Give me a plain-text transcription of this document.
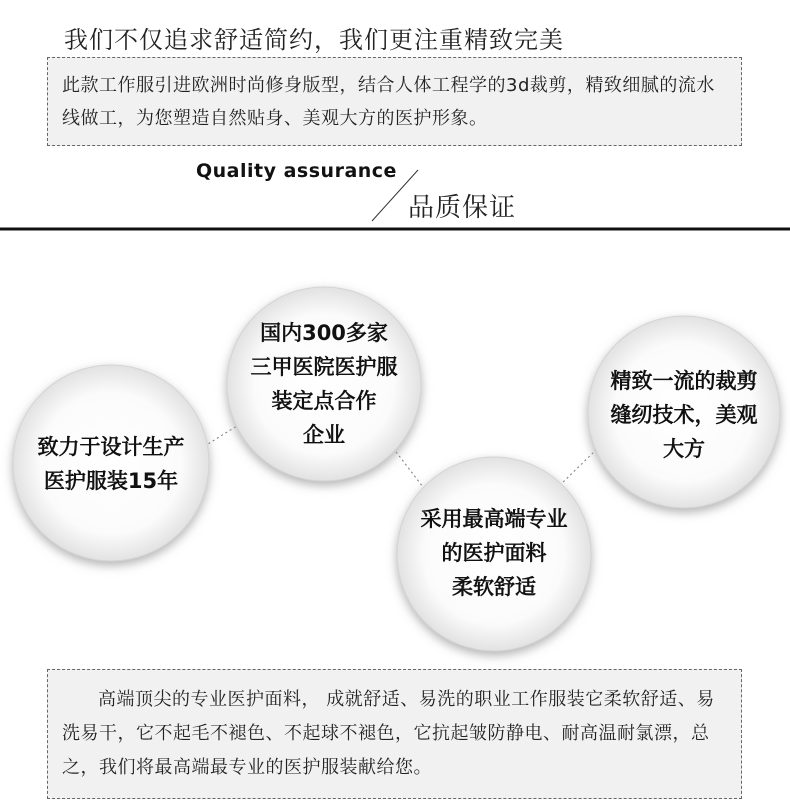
我们不仅追求舒适简约，我们更注重精致完美
此款工作服引进欧洲时尚修身版型，结合人体工程学的3d裁剪，精致细腻的流水线做工，为您塑造自然贴身、美观大方的医护形象。
Quality assurance
品质保证
致力于设计生产
医护服装15年
国内300多家
三甲医院医护服
装定点合作
企业
采用最高端专业
的医护面料
柔软舒适
精致一流的裁剪
缝纫技术，美观
大方
高端顶尖的专业医护面料， 成就舒适、易洗的职业工作服装它柔软舒适、易洗易干，它不起毛不褪色、不起球不褪色，它抗起皱防静电、耐高温耐氯漂，总之，我们将最高端最专业的医护服装献给您。
